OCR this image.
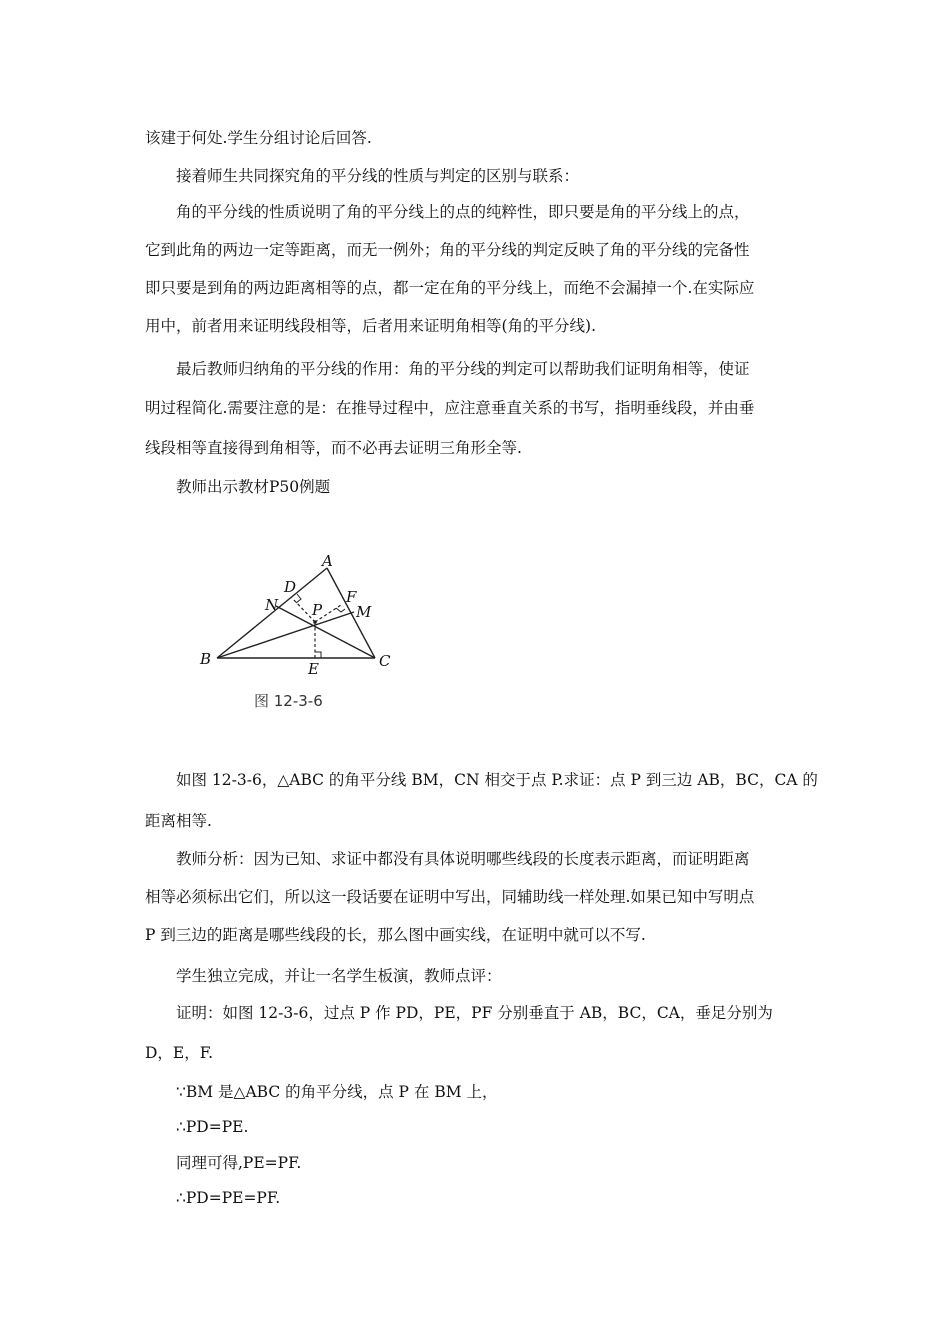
该建于何处.学生分组讨论后回答.
接着师生共同探究角的平分线的性质与判定的区别与联系：
角的平分线的性质说明了角的平分线上的点的纯粹性，即只要是角的平分线上的点，
它到此角的两边一定等距离，而无一例外；角的平分线的判定反映了角的平分线的完备性
即只要是到角的两边距离相等的点，都一定在角的平分线上，而绝不会漏掉一个.在实际应
用中，前者用来证明线段相等，后者用来证明角相等(角的平分线).
最后教师归纳角的平分线的作用：角的平分线的判定可以帮助我们证明角相等，使证
明过程简化.需要注意的是：在推导过程中，应注意垂直关系的书写，指明垂线段，并由垂
线段相等直接得到角相等，而不必再去证明三角形全等.
教师出示教材P50例题
A
B	C
D
E
F
M
N P
图 12-3-6
如图 12-3-6，△ABC 的角平分线 BM，CN 相交于点 P.求证：点 P 到三边 AB，BC，CA 的
距离相等.
教师分析：因为已知、求证中都没有具体说明哪些线段的长度表示距离，而证明距离
相等必须标出它们，所以这一段话要在证明中写出，同辅助线一样处理.如果已知中写明点
P 到三边的距离是哪些线段的长，那么图中画实线，在证明中就可以不写.
学生独立完成，并让一名学生板演，教师点评：
证明：如图 12-3-6，过点 P 作 PD，PE，PF 分别垂直于 AB，BC，CA，垂足分别为
D，E，F.
∵BM 是△ABC 的角平分线，点 P 在 BM 上，
∴PD=PE.
同理可得,PE=PF.
∴PD=PE=PF.
